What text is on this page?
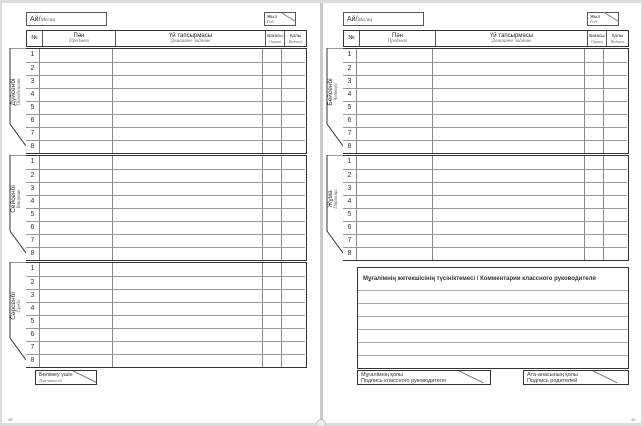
Ай/Месяц
Жыл
Год
№	Пән
Предмет
Үй тапсырмасы
Домашнее задание
Бағасы
Оценка
Қолы
Подпись
Дүйсенбі Понедельник
1
2
3
4
5
6
7
8
Сейсенбі Вторник
1
2
3
4
5
6
7
8
Сәрсенбі Среда
1
2
3
4
5
6
7
8
Бөлімеу үшін
Для записей
48
Ай/Месяц
Жыл
Год
№	Пән
Предмет
Үй тапсырмасы
Домашнее задание
Бағасы
Оценка
Қолы
Подпись
Бейсенбі Четверг
1
2
3
4
5
6
7
8
Жұма Пятница
1
2
3
4
5
6
7
8
Мұғалімнің жетекшісінің түсініктемесі / Комментарии классного руководителя
Мұғалімнің қолы
Подпись классного руководителя
Ата-анасының қолы
Подпись родителей
49
